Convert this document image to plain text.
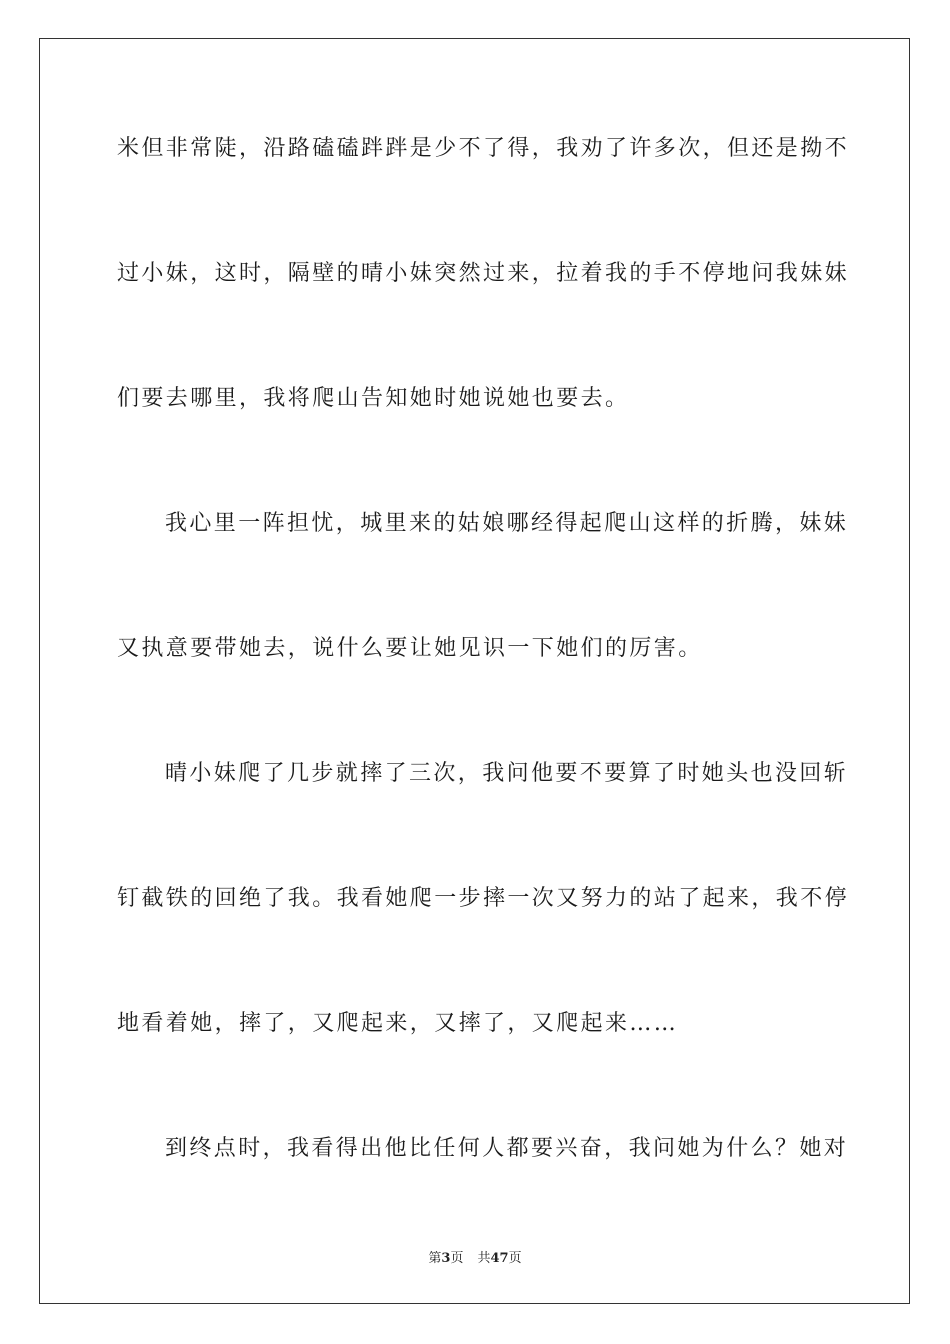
米但非常陡，沿路磕磕跘跘是少不了得，我劝了许多次，但还是拗不
过小妹，这时，隔壁的晴小妹突然过来，拉着我的手不停地问我妹妹
们要去哪里，我将爬山告知她时她说她也要去。
我心里一阵担忧，城里来的姑娘哪经得起爬山这样的折腾，妹妹
又执意要带她去，说什么要让她见识一下她们的厉害。
晴小妹爬了几步就摔了三次，我问他要不要算了时她头也没回斩
钉截铁的回绝了我。我看她爬一步摔一次又努力的站了起来，我不停
地看着她，摔了，又爬起来，又摔了，又爬起来……
到终点时，我看得出他比任何人都要兴奋，我问她为什么？她对
第3页 共47页
